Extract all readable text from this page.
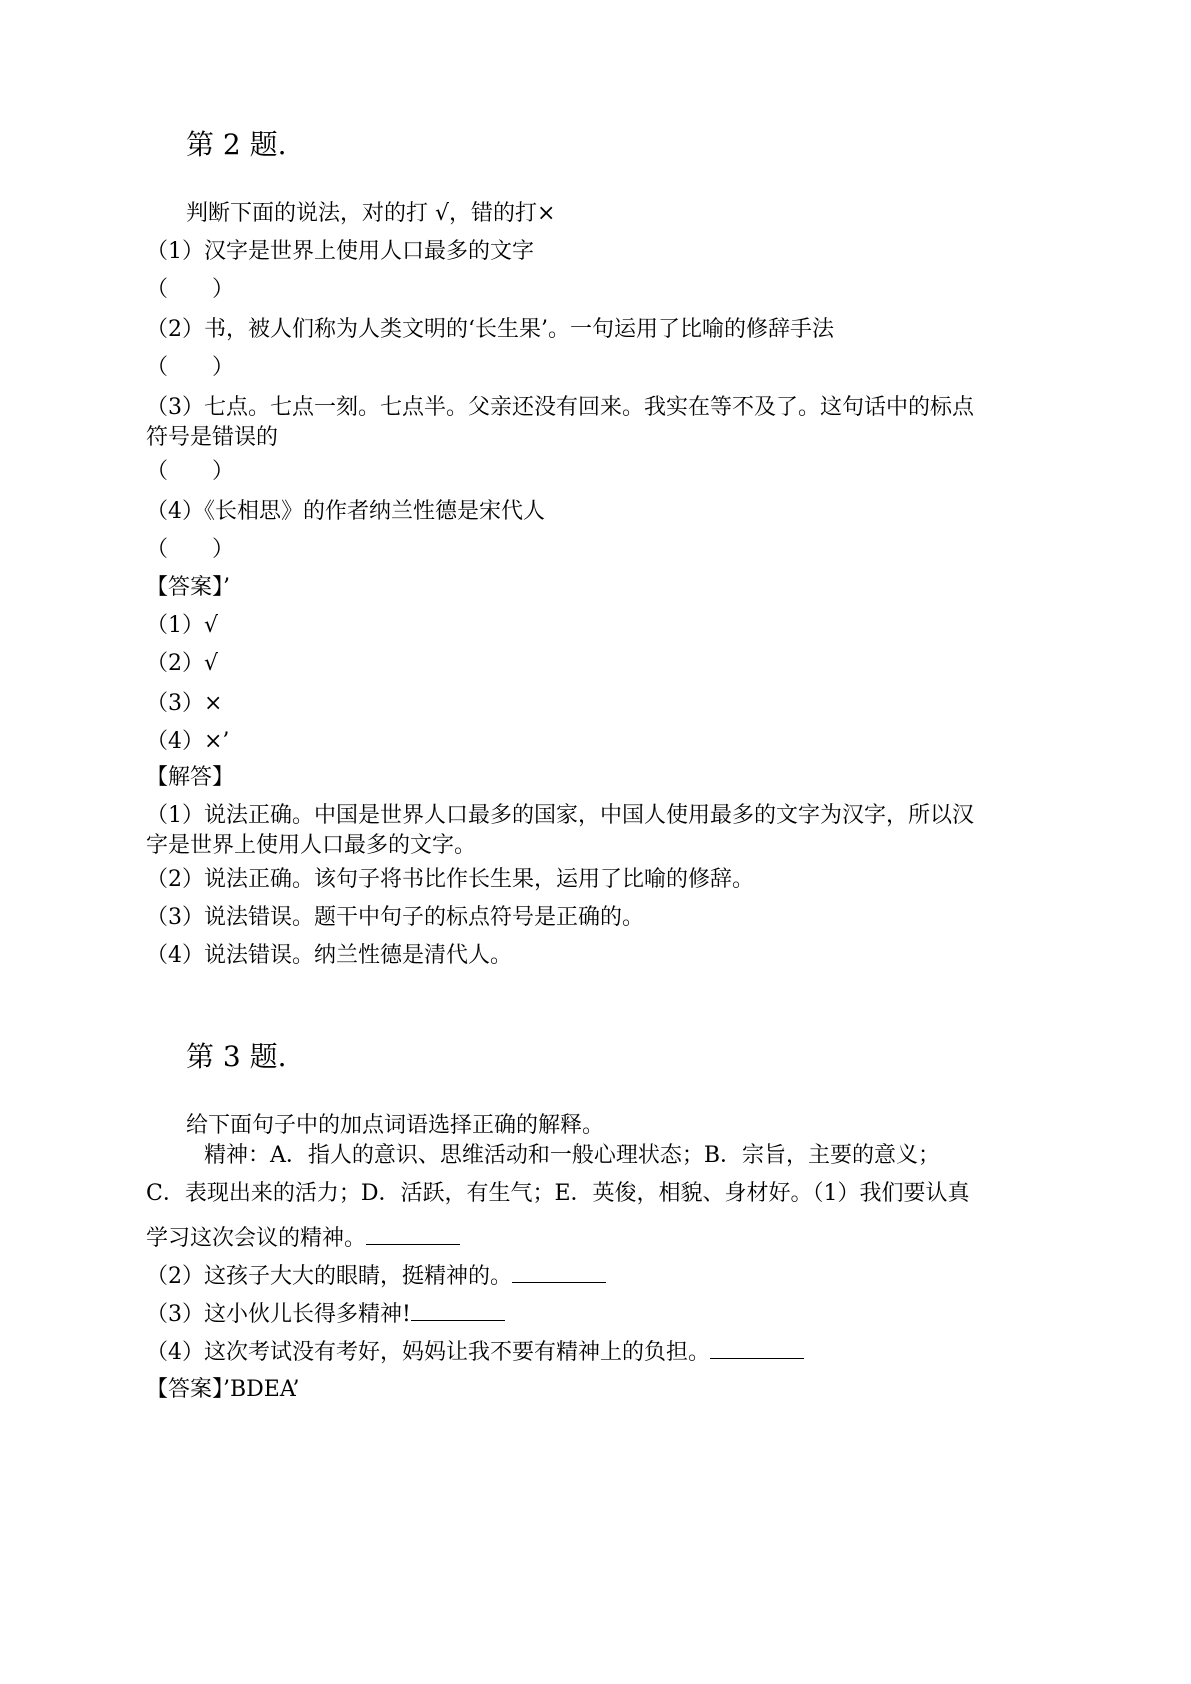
第 2 题.
判断下面的说法，对的打 √，错的打×
（1）汉字是世界上使用人口最多的文字
（　　）
（2）书，被人们称为人类文明的‘长生果’。一句运用了比喻的修辞手法
（　　）
（3）七点。七点一刻。七点半。父亲还没有回来。我实在等不及了。这句话中的标点
符号是错误的
（　　）
（4）《长相思》的作者纳兰性德是宋代人
（　　）
【答案】’
（1）√
（2）√
（3）×
（4）×’
【解答】
（1）说法正确。中国是世界人口最多的国家，中国人使用最多的文字为汉字，所以汉
字是世界上使用人口最多的文字。
（2）说法正确。该句子将书比作长生果，运用了比喻的修辞。
（3）说法错误。题干中句子的标点符号是正确的。
（4）说法错误。纳兰性德是清代人。
第 3 题.
给下面句子中的加点词语选择正确的解释。
精神：A．指人的意识、思维活动和一般心理状态；B．宗旨，主要的意义；
C．表现出来的活力；D．活跃，有生气；E．英俊，相貌、身材好。（1）我们要认真
学习这次会议的精神。
（2）这孩子大大的眼睛，挺精神的。
（3）这小伙儿长得多精神!
（4）这次考试没有考好，妈妈让我不要有精神上的负担。
【答案】’BDEA’
